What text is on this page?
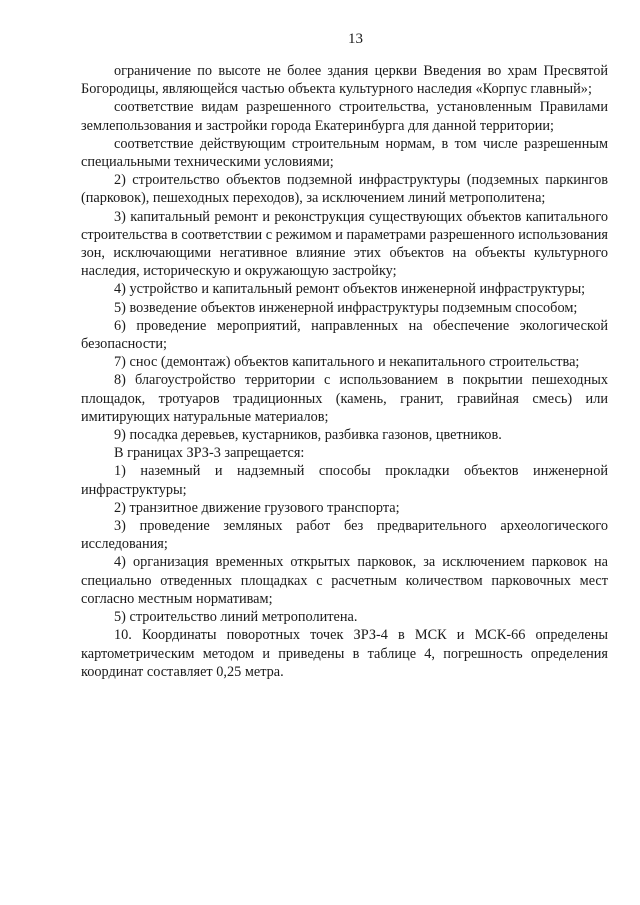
13

ограничение по высоте не более здания церкви Введения во храм Пресвятой Богородицы, являющейся частью объекта культурного наследия «Корпус главный»;

соответствие видам разрешенного строительства, установленным Правилами землепользования и застройки города Екатеринбурга для данной территории;

соответствие действующим строительным нормам, в том числе разрешенным специальными техническими условиями;

2) строительство объектов подземной инфраструктуры (подземных паркингов (парковок), пешеходных переходов), за исключением линий метрополитена;

3) капитальный ремонт и реконструкция существующих объектов капитального строительства в соответствии с режимом и параметрами разрешенного использования зон, исключающими негативное влияние этих объектов на объекты культурного наследия, историческую и окружающую застройку;

4) устройство и капитальный ремонт объектов инженерной инфраструктуры;

5) возведение объектов инженерной инфраструктуры подземным способом;

6) проведение мероприятий, направленных на обеспечение экологической безопасности;

7) снос (демонтаж) объектов капитального и некапитального строительства;

8) благоустройство территории с использованием в покрытии пешеходных площадок, тротуаров традиционных (камень, гранит, гравийная смесь) или имитирующих натуральные материалов;

9) посадка деревьев, кустарников, разбивка газонов, цветников.

В границах ЗРЗ-3 запрещается:

1) наземный и надземный способы прокладки объектов инженерной инфраструктуры;

2) транзитное движение грузового транспорта;

3) проведение земляных работ без предварительного археологического исследования;

4) организация временных открытых парковок, за исключением парковок на специально отведенных площадках с расчетным количеством парковочных мест согласно местным нормативам;

5) строительство линий метрополитена.

10. Координаты поворотных точек ЗРЗ-4 в МСК и МСК-66 определены картометрическим методом и приведены в таблице 4, погрешность определения координат составляет 0,25 метра.
